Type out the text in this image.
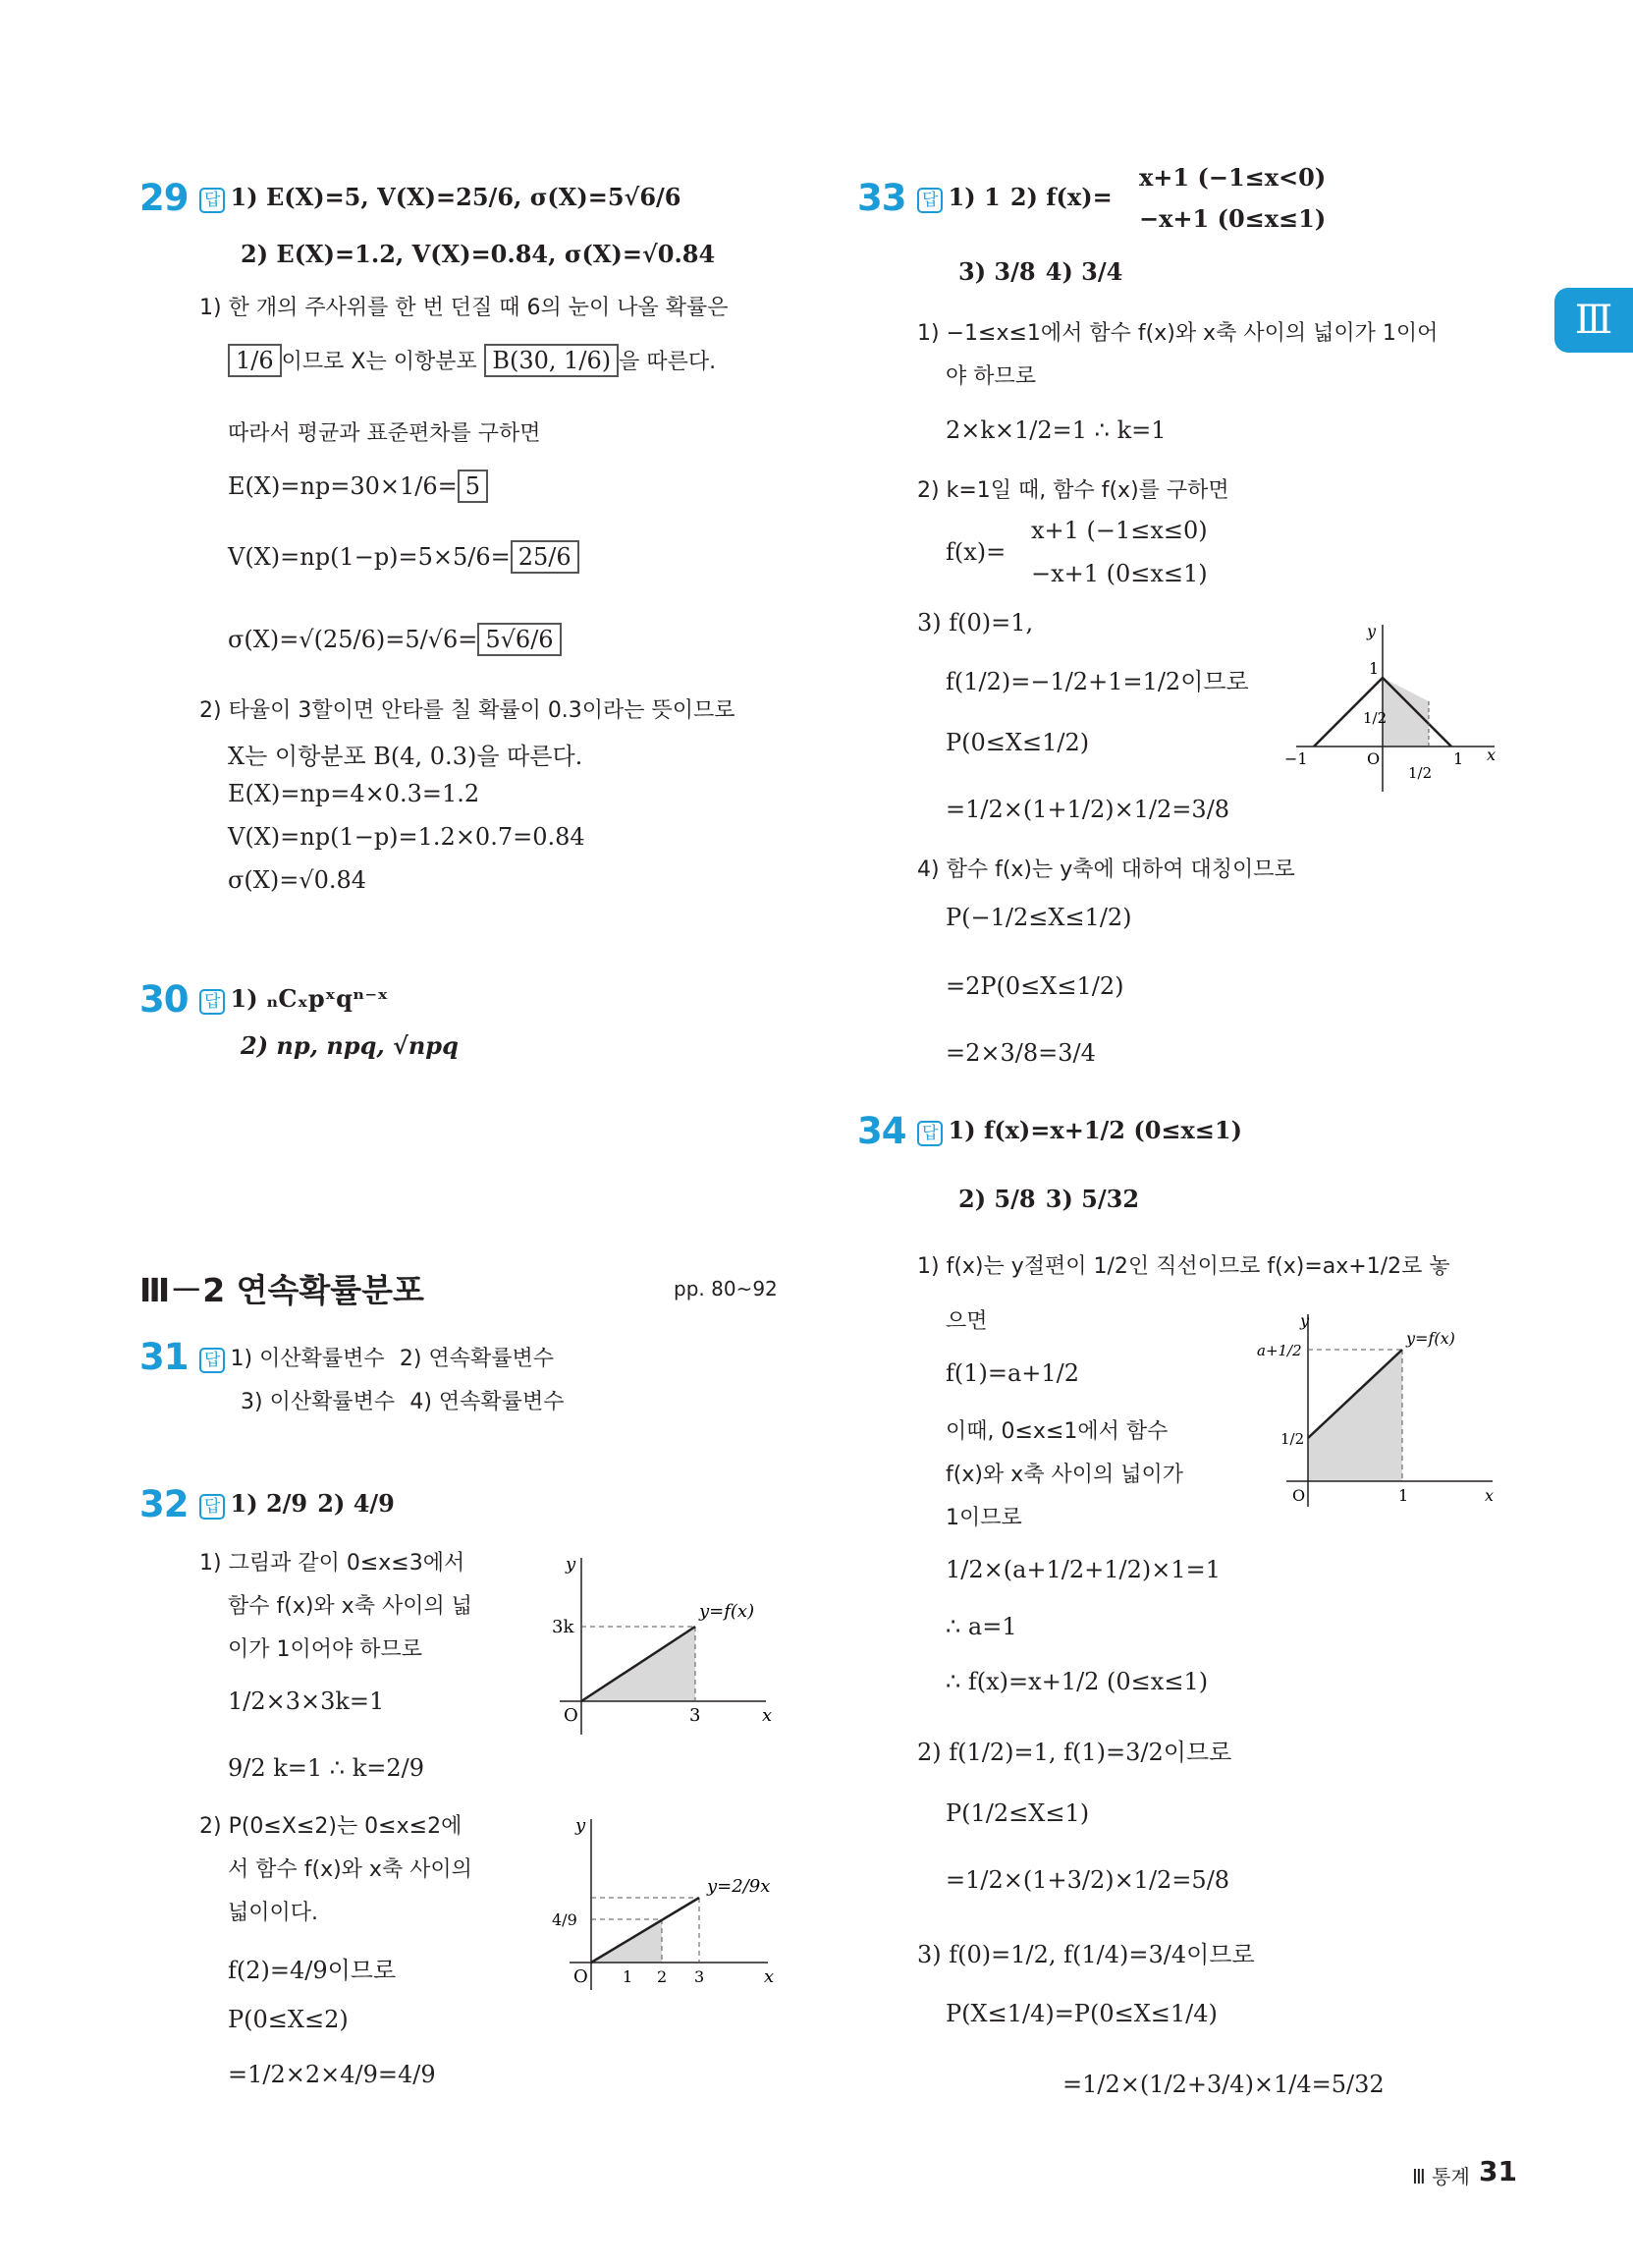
Ⅲ
29 답 1) E(X)=5, V(X)=25/6, σ(X)=5√6/6
2) E(X)=1.2, V(X)=0.84, σ(X)=√0.84
1) 한 개의 주사위를 한 번 던질 때 6의 눈이 나올 확률은
1/6 이므로 X는 이항분포 B(30, 1/6) 을 따른다.
따라서 평균과 표준편차를 구하면
E(X)=np=30×1/6= 5
V(X)=np(1−p)=5×5/6= 25/6
σ(X)=√(25/6)=5/√6= 5√6/6
2) 타율이 3할이면 안타를 칠 확률이 0.3이라는 뜻이므로
X는 이항분포 B(4, 0.3)을 따른다.
E(X)=np=4×0.3=1.2
V(X)=np(1−p)=1.2×0.7=0.84
σ(X)=√0.84
30 답 1) ₙCₓpˣqⁿ⁻ˣ
2) np, npq, √npq
Ⅲ－2 연속확률분포	pp. 80~92
31 답 1) 이산확률변수 2) 연속확률변수
3) 이산확률변수 4) 연속확률변수
32 답 1) 2/9 2) 4/9
1) 그림과 같이 0≤x≤3에서
함수 f(x)와 x축 사이의 넓
이가 1이어야 하므로
1/2×3×3k=1
9/2 k=1 ∴ k=2/9
y
x
O
3k
3
y=f(x)
2) P(0≤X≤2)는 0≤x≤2에
서 함수 f(x)와 x축 사이의
넓이이다.
f(2)=4/9이므로
P(0≤X≤2)
=1/2×2×4/9=4/9
y
x
O
4/9
1 2 3
y=2/9x
33 답 1) 1 2) f(x)=
x+1 (−1≤x<0)
−x+1 (0≤x≤1)
3) 3/8 4) 3/4
1) −1≤x≤1에서 함수 f(x)와 x축 사이의 넓이가 1이어
야 하므로
2×k×1/2=1 ∴ k=1
2) k=1일 때, 함수 f(x)를 구하면
f(x)=
x+1 (−1≤x≤0)
−x+1 (0≤x≤1)
3) f(0)=1,
f(1/2)=−1/2+1=1/2이므로
P(0≤X≤1/2)
=1/2×(1+1/2)×1/2=3/8
y
x
O
1
1/2
−1
1/2
1
4) 함수 f(x)는 y축에 대하여 대칭이므로
P(−1/2≤X≤1/2)
=2P(0≤X≤1/2)
=2×3/8=3/4
34 답 1) f(x)=x+1/2 (0≤x≤1)
2) 5/8 3) 5/32
1) f(x)는 y절편이 1/2인 직선이므로 f(x)=ax+1/2로 놓
으면
f(1)=a+1/2
이때, 0≤x≤1에서 함수
f(x)와 x축 사이의 넓이가
1이므로
1/2×(a+1/2+1/2)×1=1
∴ a=1
∴ f(x)=x+1/2 (0≤x≤1)
y
x
O
a+1/2
1/2
1
y=f(x)
2) f(1/2)=1, f(1)=3/2이므로
P(1/2≤X≤1)
=1/2×(1+3/2)×1/2=5/8
3) f(0)=1/2, f(1/4)=3/4이므로
P(X≤1/4)=P(0≤X≤1/4)
=1/2×(1/2+3/4)×1/4=5/32
Ⅲ 통계 31
